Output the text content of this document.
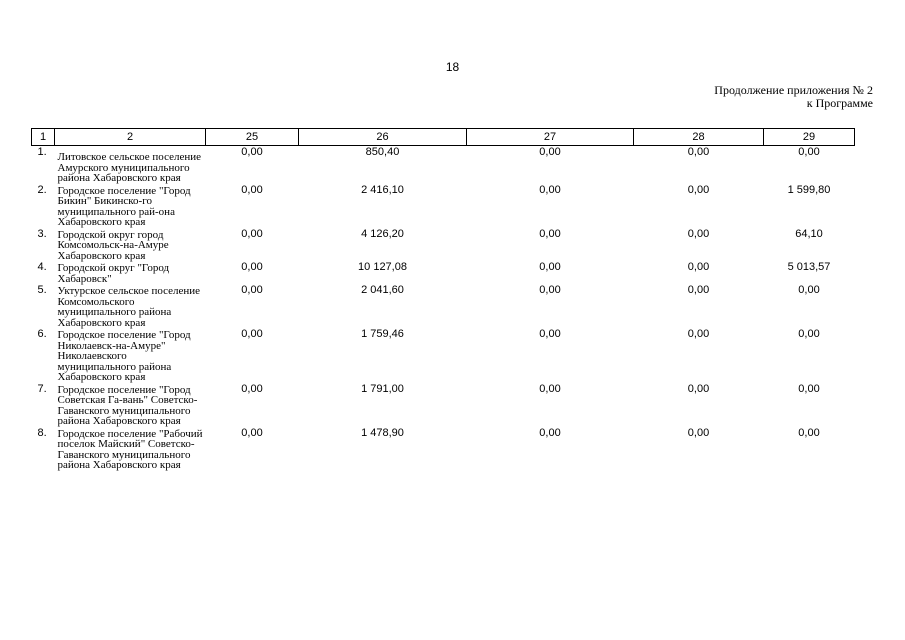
18
Продолжение приложения № 2
к Программе
1	2	25	26	27	28	29
1.	Литовское сельское поселение Амурского муниципального района Хабаровского края	0,00	850,40	0,00	0,00	0,00
2.	Городское поселение "Город Бикин" Бикинско-го муниципального рай-она Хабаровского края	0,00	2 416,10	0,00	0,00	1 599,80
3.	Городской округ город Комсомольск-на-Амуре Хабаровского края	0,00	4 126,20	0,00	0,00	64,10
4.	Городской округ "Город Хабаровск"	0,00	10 127,08	0,00	0,00	5 013,57
5.	Уктурское сельское поселение Комсомольского муниципального района Хабаровского края	0,00	2 041,60	0,00	0,00	0,00
6.	Городское поселение "Город Николаевск-на-Амуре" Николаевского муниципального района Хабаровского края	0,00	1 759,46	0,00	0,00	0,00
7.	Городское поселение "Город Советская Га-вань" Советско-Гаванского муниципального района Хабаровского края	0,00	1 791,00	0,00	0,00	0,00
8.	Городское поселение "Рабочий поселок Майский" Советско-Гаванского муниципального района Хабаровского края	0,00	1 478,90	0,00	0,00	0,00
